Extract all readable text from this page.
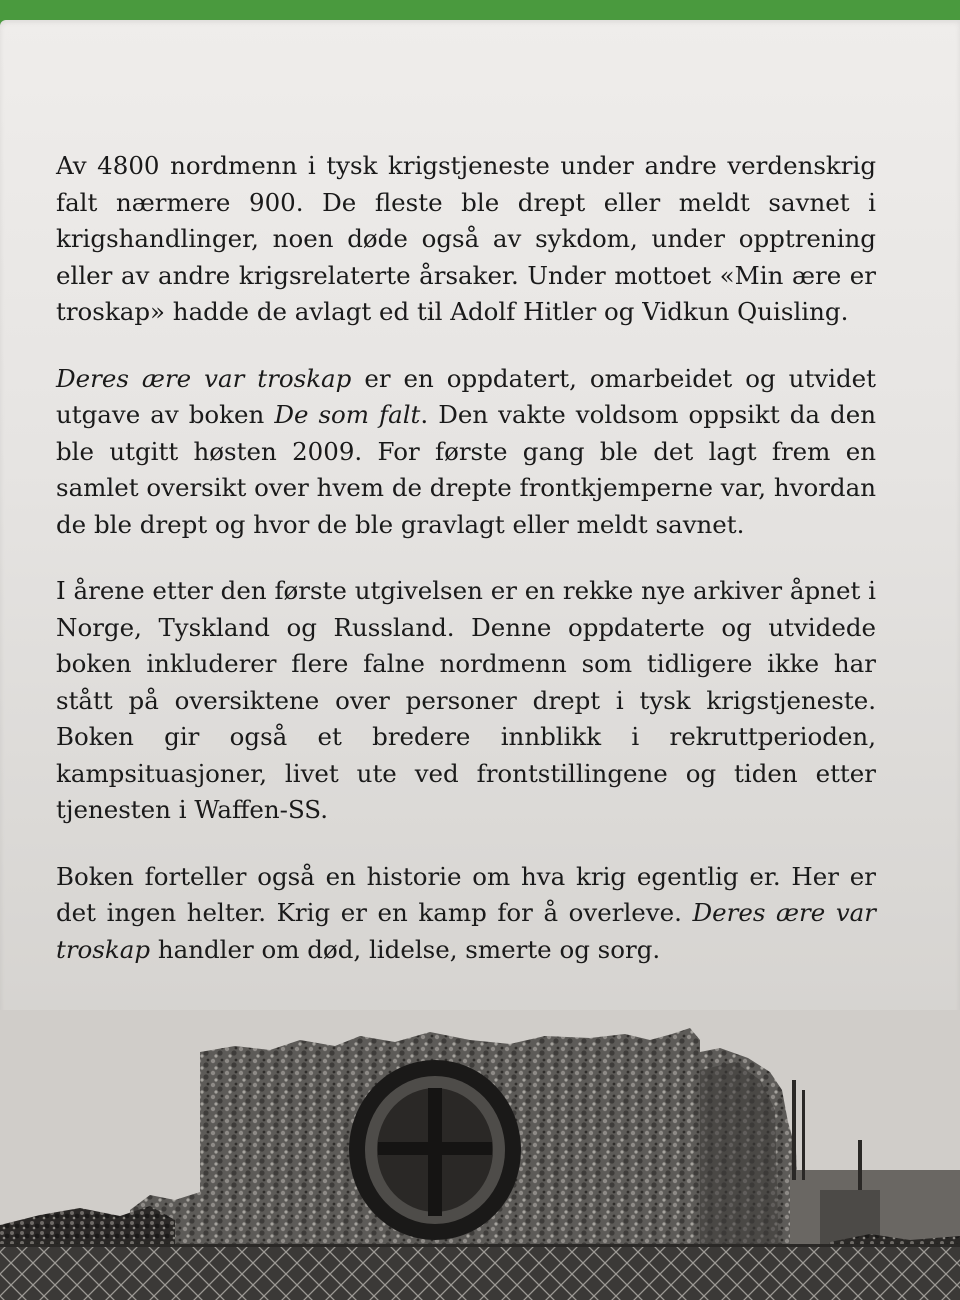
Av 4800 nordmenn i tysk krigstjeneste under andre verdenskrig falt nærmere 900. De fleste ble drept eller meldt savnet i krigshandlinger, noen døde også av sykdom, under opptrening eller av andre krigsrelaterte årsaker. Under mottoet «Min ære er troskap» hadde de avlagt ed til Adolf Hitler og Vidkun Quisling.

Deres ære var troskap er en oppdatert, omarbeidet og utvidet utgave av boken De som falt. Den vakte voldsom oppsikt da den ble utgitt høsten 2009. For første gang ble det lagt frem en samlet oversikt over hvem de drepte frontkjemperne var, hvordan de ble drept og hvor de ble gravlagt eller meldt savnet.

I årene etter den første utgivelsen er en rekke nye arkiver åpnet i Norge, Tyskland og Russland. Denne oppdaterte og utvidede boken inkluderer flere falne nordmenn som tidligere ikke har stått på oversiktene over personer drept i tysk krigstjeneste. Boken gir også et bredere innblikk i rekruttperioden, kampsituasjoner, livet ute ved frontstillingene og tiden etter tjenesten i Waffen-SS.

Boken forteller også en historie om hva krig egentlig er. Her er det ingen helter. Krig er en kamp for å overleve. Deres ære var troskap handler om død, lidelse, smerte og sorg.
